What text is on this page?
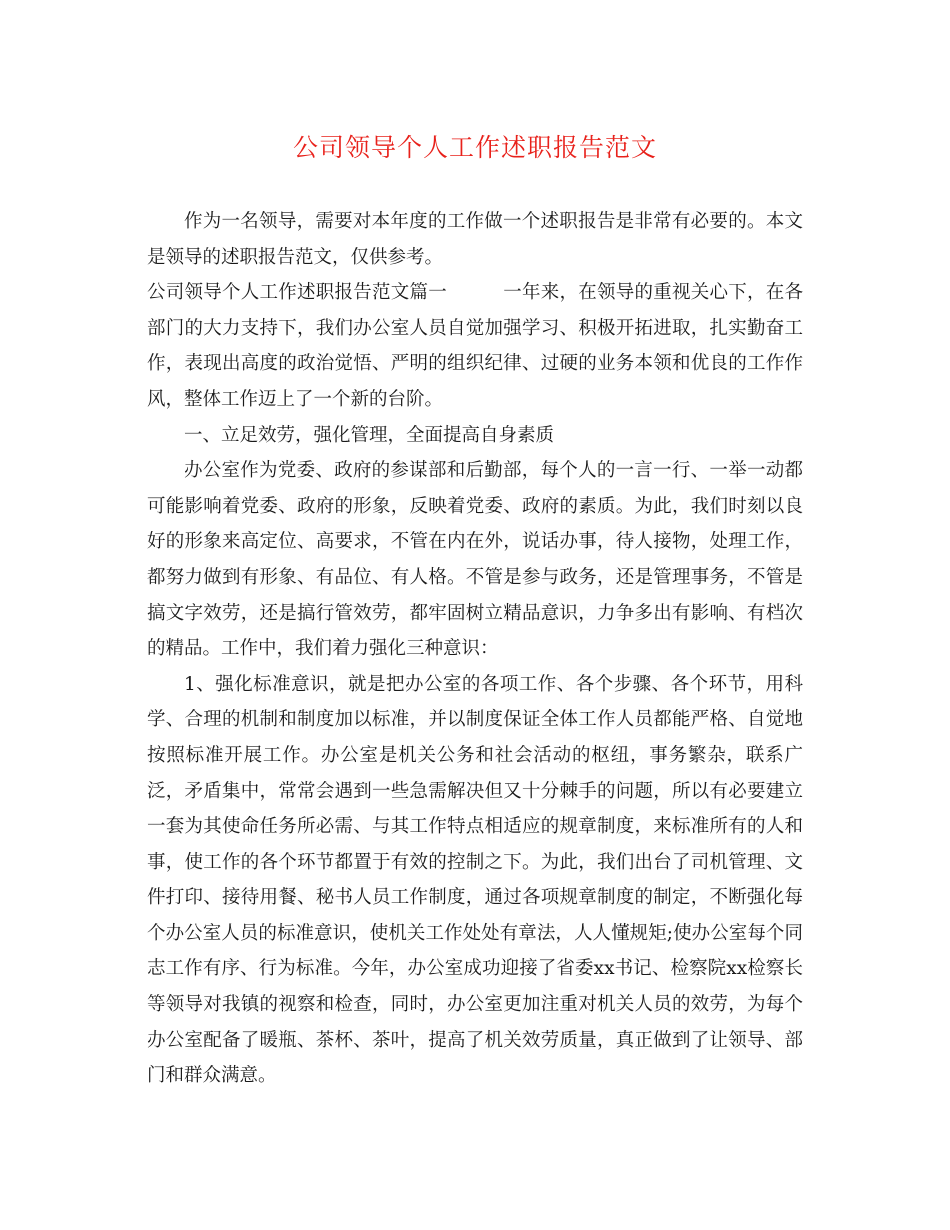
公司领导个人工作述职报告范文

作为一名领导，需要对本年度的工作做一个述职报告是非常有必要的。本文是领导的述职报告范文，仅供参考。

公司领导个人工作述职报告范文篇一　　　一年来，在领导的重视关心下，在各部门的大力支持下，我们办公室人员自觉加强学习、积极开拓进取，扎实勤奋工作，表现出高度的政治觉悟、严明的组织纪律、过硬的业务本领和优良的工作作风，整体工作迈上了一个新的台阶。

一、立足效劳，强化管理，全面提高自身素质

办公室作为党委、政府的参谋部和后勤部，每个人的一言一行、一举一动都可能影响着党委、政府的形象，反映着党委、政府的素质。为此，我们时刻以良好的形象来高定位、高要求，不管在内在外，说话办事，待人接物，处理工作，都努力做到有形象、有品位、有人格。不管是参与政务，还是管理事务，不管是搞文字效劳，还是搞行管效劳，都牢固树立精品意识，力争多出有影响、有档次的精品。工作中，我们着力强化三种意识：

1、强化标准意识，就是把办公室的各项工作、各个步骤、各个环节，用科学、合理的机制和制度加以标准，并以制度保证全体工作人员都能严格、自觉地按照标准开展工作。办公室是机关公务和社会活动的枢纽，事务繁杂，联系广泛，矛盾集中，常常会遇到一些急需解决但又十分棘手的问题，所以有必要建立一套为其使命任务所必需、与其工作特点相适应的规章制度，来标准所有的人和事，使工作的各个环节都置于有效的控制之下。为此，我们出台了司机管理、文件打印、接待用餐、秘书人员工作制度，通过各项规章制度的制定，不断强化每个办公室人员的标准意识，使机关工作处处有章法，人人懂规矩;使办公室每个同志工作有序、行为标准。今年，办公室成功迎接了省委xx书记、检察院xx检察长等领导对我镇的视察和检查，同时，办公室更加注重对机关人员的效劳，为每个办公室配备了暖瓶、茶杯、茶叶，提高了机关效劳质量，真正做到了让领导、部门和群众满意。
